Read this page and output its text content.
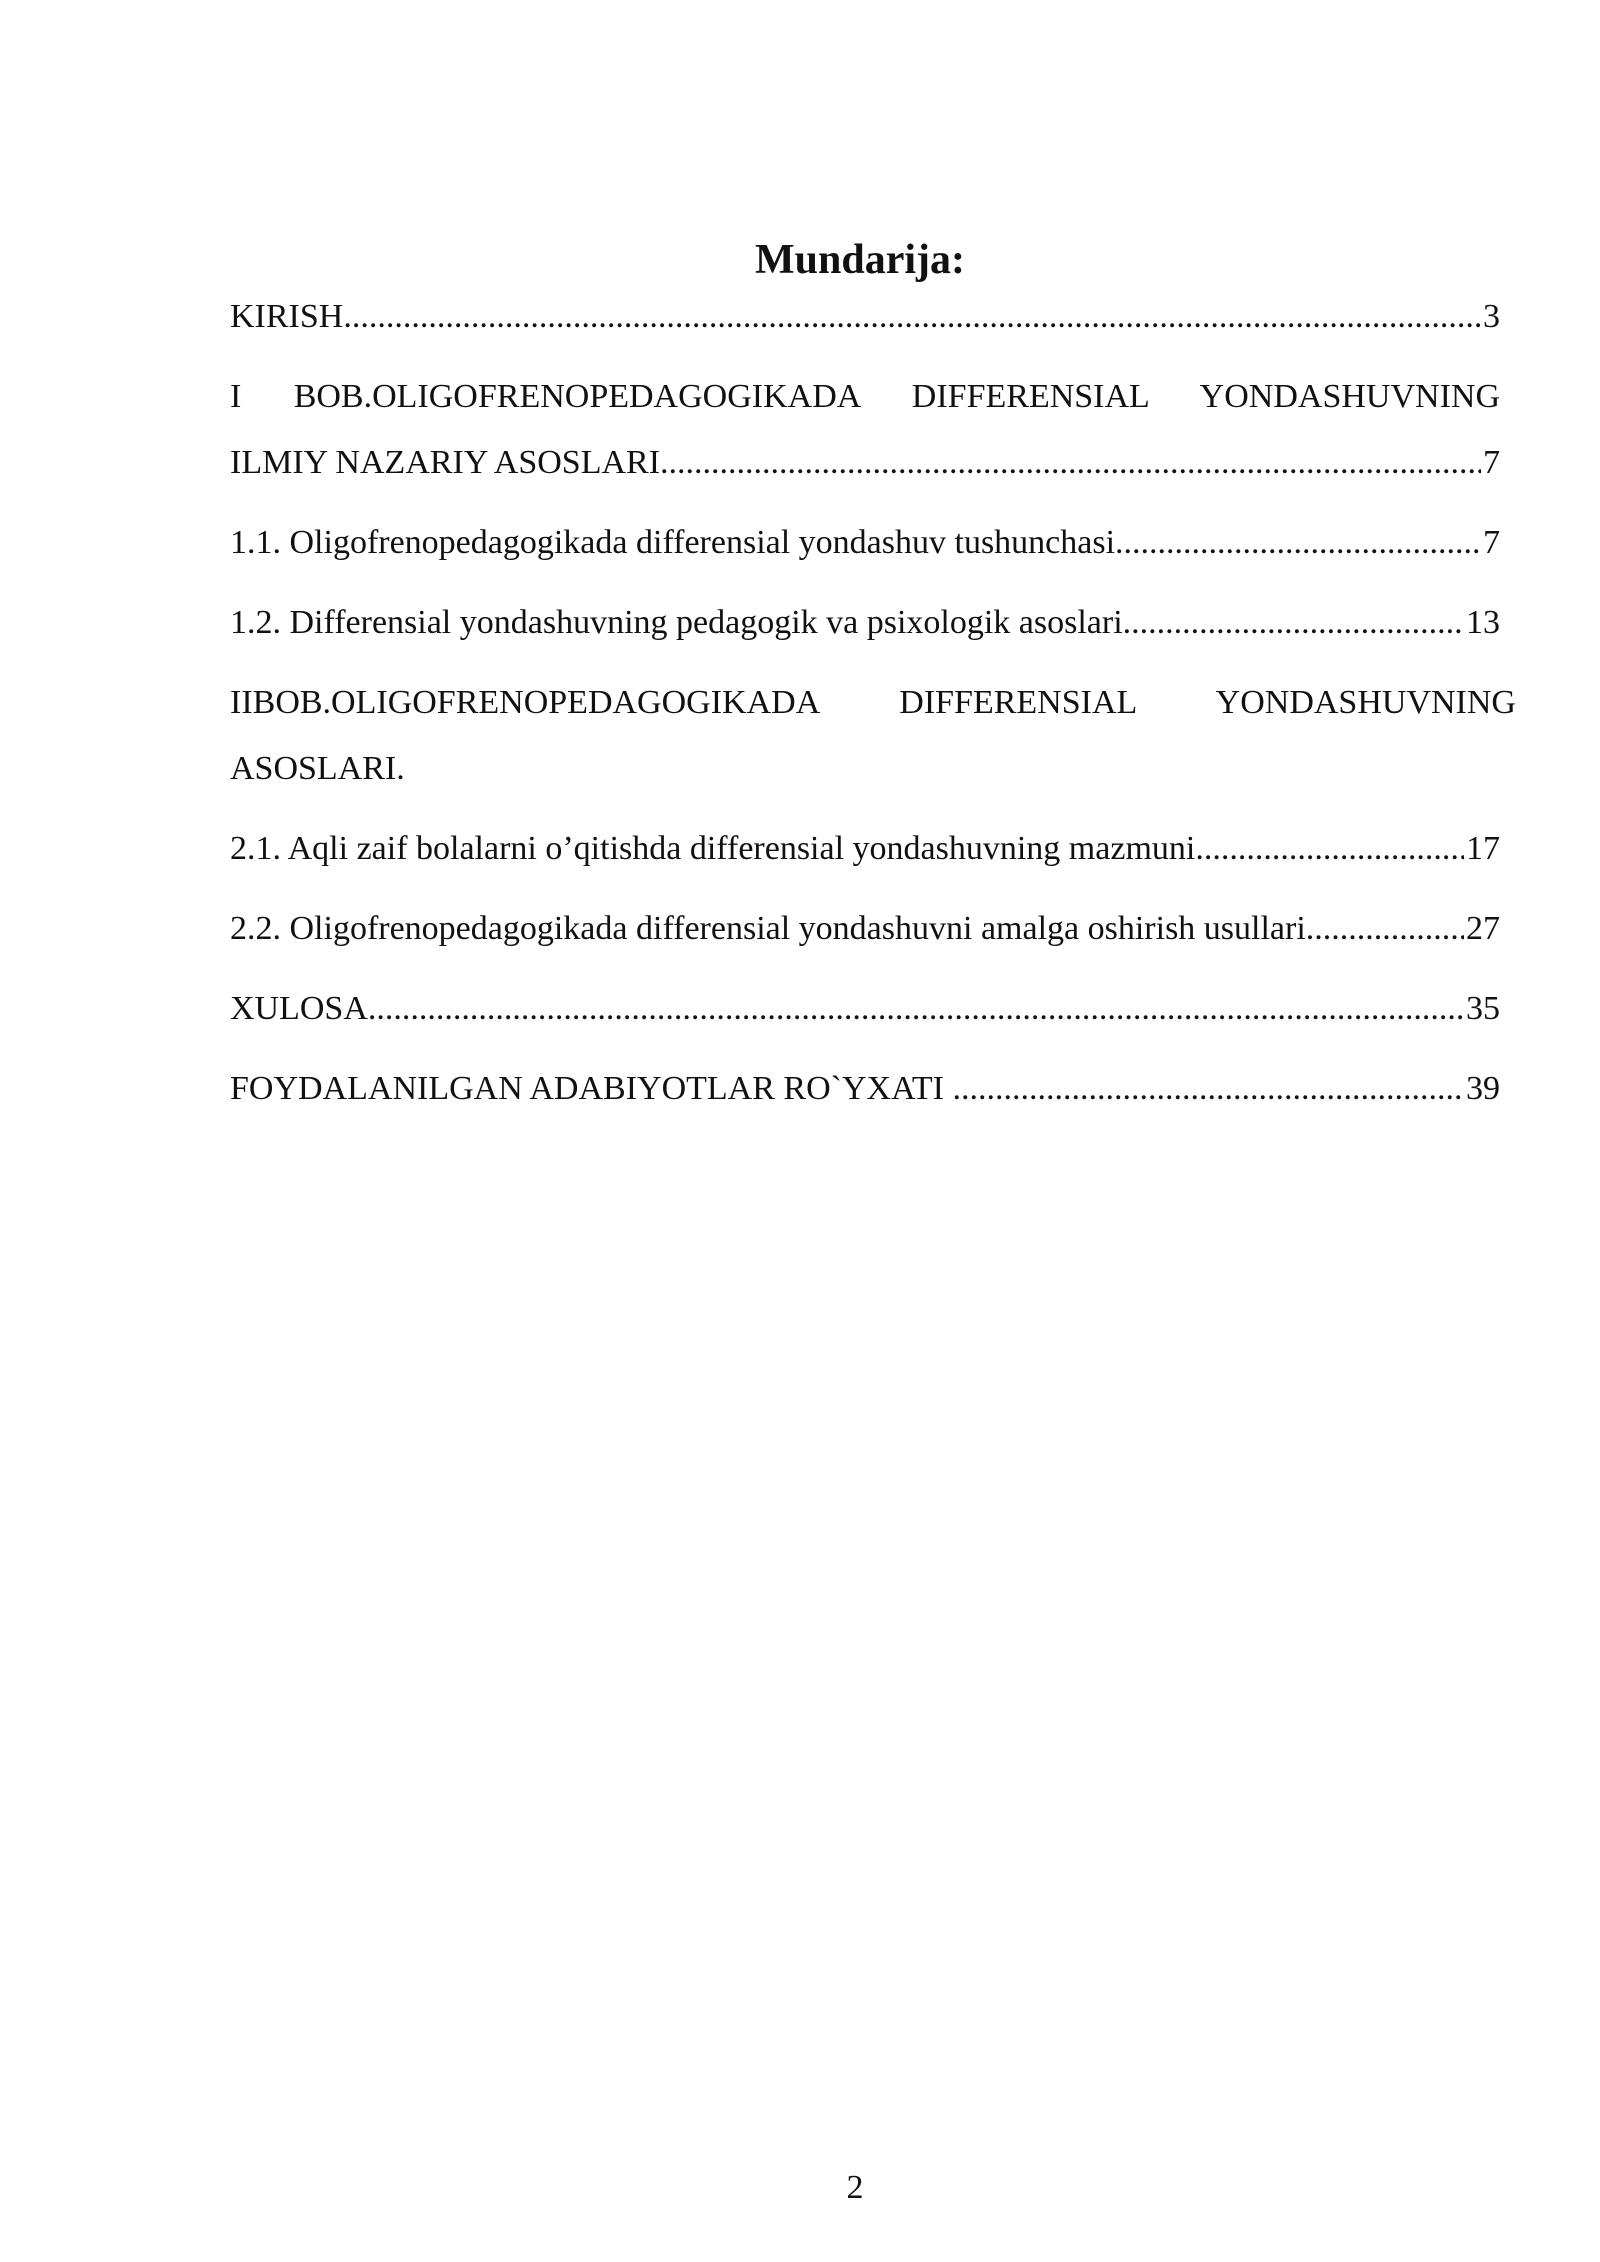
Mundarija:
KIRISH .....	3
I BOB.OLIGOFRENOPEDAGOGIKADA DIFFERENSIAL YONDASHUVNING
ILMIY NAZARIY ASOSLARI .....	7
1.1. Oligofrenopedagogikada differensial yondashuv tushunchasi .....	7
1.2. Differensial yondashuvning pedagogik va psixologik asoslari .....	13
IIBOB.OLIGOFRENOPEDAGOGIKADA DIFFERENSIAL YONDASHUVNING
ASOSLARI.
2.1. Aqli zaif bolalarni o’qitishda differensial yondashuvning mazmuni .....	17
2.2. Oligofrenopedagogikada differensial yondashuvni amalga oshirish usullari .....	27
XULOSA .....	35
FOYDALANILGAN ADABIYOTLAR RO`YXATI .....	39
2
